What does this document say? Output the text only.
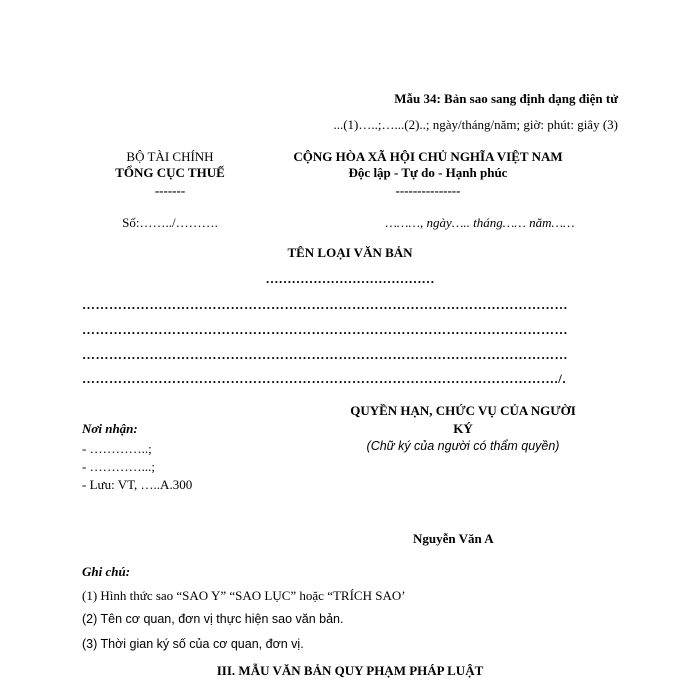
Mẫu 34: Bản sao sang định dạng điện tử
...(1)…..;…...(2)..; ngày/tháng/năm; giờ: phút: giây (3)
BỘ TÀI CHÍNH
TỔNG CỤC THUẾ
-------
Số:……../……….
CỘNG HÒA XÃ HỘI CHỦ NGHĨA VIỆT NAM
Độc lập - Tự do - Hạnh phúc
---------------
………, ngày….. tháng…… năm……
TÊN LOẠI VĂN BẢN
…………………………………
………………………………………………………………………………………………
………………………………………………………………………………………………
………………………………………………………………………………………………
……………………………………………………………………………………………./.
QUYỀN HẠN, CHỨC VỤ CỦA NGƯỜI
KÝ
(Chữ ký của người có thẩm quyền)
Nơi nhận:
- …………..;
- …………...;
- Lưu: VT, …..A.300
Nguyễn Văn A
Ghi chú:
(1) Hình thức sao “SAO Y” “SAO LỤC” hoặc “TRÍCH SAO’
(2) Tên cơ quan, đơn vị thực hiện sao văn bản.
(3) Thời gian ký số của cơ quan, đơn vị.
III. MẪU VĂN BẢN QUY PHẠM PHÁP LUẬT
